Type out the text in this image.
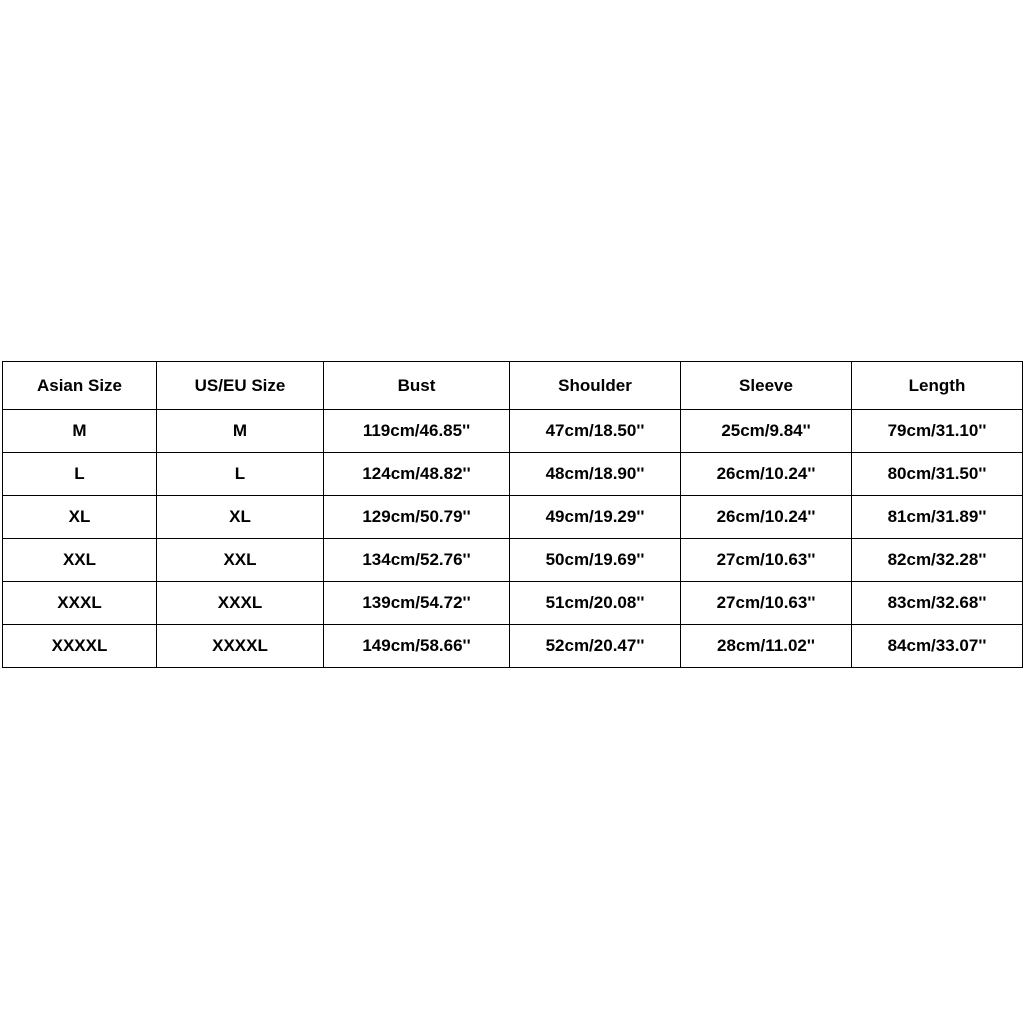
Asian Size	US/EU Size	Bust	Shoulder	Sleeve	Length
M	M	119cm/46.85''	47cm/18.50''	25cm/9.84''	79cm/31.10''
L	L	124cm/48.82''	48cm/18.90''	26cm/10.24''	80cm/31.50''
XL	XL	129cm/50.79''	49cm/19.29''	26cm/10.24''	81cm/31.89''
XXL	XXL	134cm/52.76''	50cm/19.69''	27cm/10.63''	82cm/32.28''
XXXL	XXXL	139cm/54.72''	51cm/20.08''	27cm/10.63''	83cm/32.68''
XXXXL	XXXXL	149cm/58.66''	52cm/20.47''	28cm/11.02''	84cm/33.07''
